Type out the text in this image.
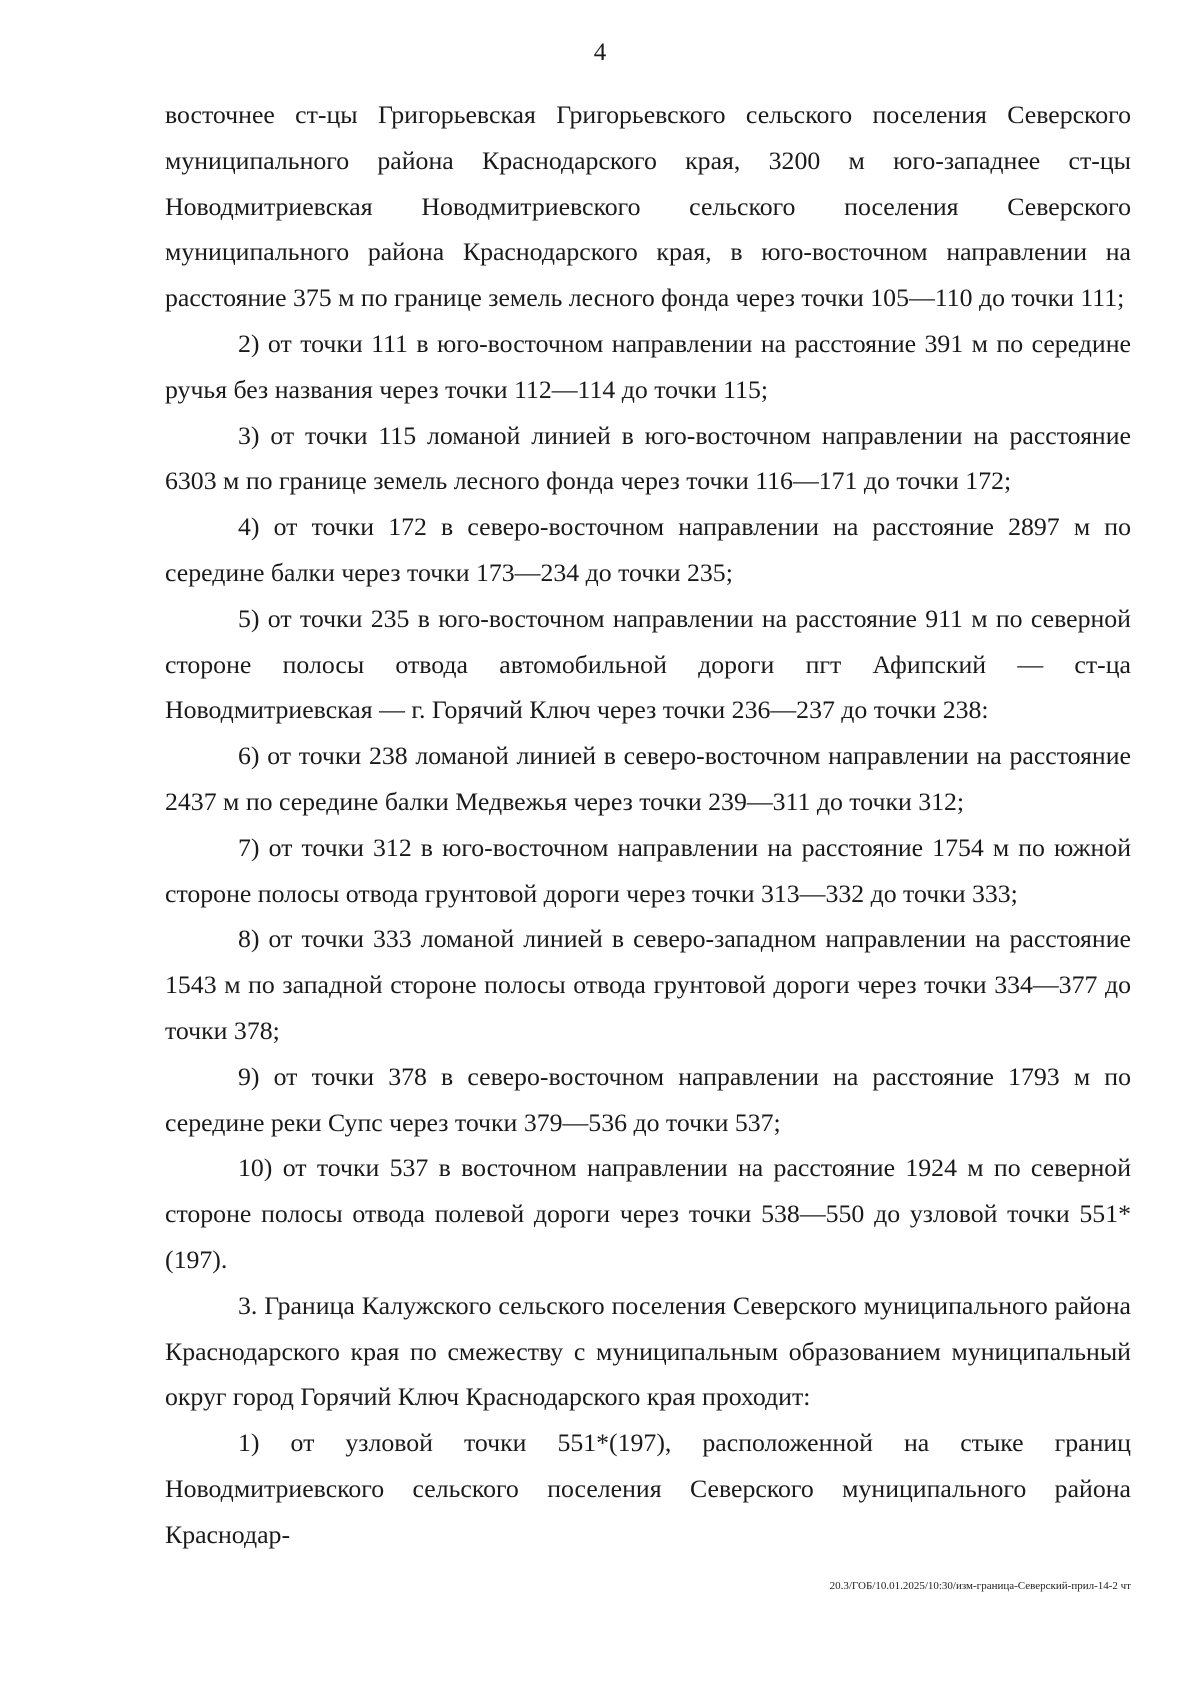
4

восточнее ст-цы Григорьевская Григорьевского сельского поселения Северского муниципального района Краснодарского края, 3200 м юго-западнее ст-цы Новодмитриевская Новодмитриевского сельского поселения Северского муниципального района Краснодарского края, в юго-восточном направлении на расстояние 375 м по границе земель лесного фонда через точки 105—110 до точки 111;

2) от точки 111 в юго-восточном направлении на расстояние 391 м по середине ручья без названия через точки 112—114 до точки 115;

3) от точки 115 ломаной линией в юго-восточном направлении на расстояние 6303 м по границе земель лесного фонда через точки 116—171 до точки 172;

4) от точки 172 в северо-восточном направлении на расстояние 2897 м по середине балки через точки 173—234 до точки 235;

5) от точки 235 в юго-восточном направлении на расстояние 911 м по северной стороне полосы отвода автомобильной дороги пгт Афипский — ст-ца Новодмитриевская — г. Горячий Ключ через точки 236—237 до точки 238:

6) от точки 238 ломаной линией в северо-восточном направлении на расстояние 2437 м по середине балки Медвежья через точки 239—311 до точки 312;

7) от точки 312 в юго-восточном направлении на расстояние 1754 м по южной стороне полосы отвода грунтовой дороги через точки 313—332 до точки 333;

8) от точки 333 ломаной линией в северо-западном направлении на расстояние 1543 м по западной стороне полосы отвода грунтовой дороги через точки 334—377 до точки 378;

9) от точки 378 в северо-восточном направлении на расстояние 1793 м по середине реки Супс через точки 379—536 до точки 537;

10) от точки 537 в восточном направлении на расстояние 1924 м по северной стороне полосы отвода полевой дороги через точки 538—550 до узловой точки 551*(197).

3. Граница Калужского сельского поселения Северского муниципального района Краснодарского края по смежеству с муниципальным образованием муниципальный округ город Горячий Ключ Краснодарского края проходит:

1) от узловой точки 551*(197), расположенной на стыке границ Новодмитриевского сельского поселения Северского муниципального района Краснодар-

20.3/ГОБ/10.01.2025/10:30/изм-граница-Северский-прил-14-2 чт
